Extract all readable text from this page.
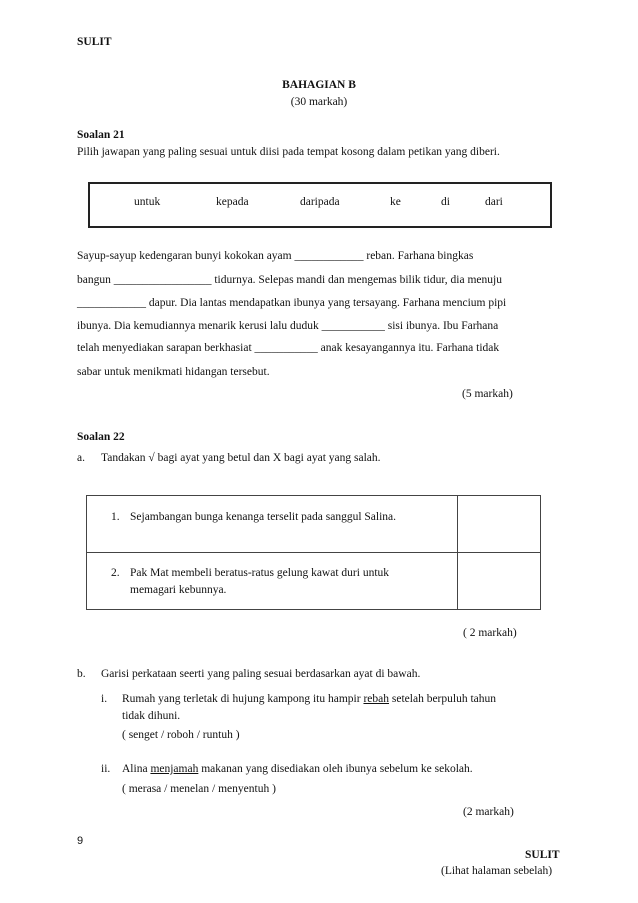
SULIT
BAHAGIAN B
(30 markah)
Soalan 21
Pilih jawapan yang paling sesuai untuk diisi pada tempat kosong dalam petikan yang diberi.
untuk	kepada	daripada	ke	di	dari
Sayup-sayup kedengaran bunyi kokokan ayam ____________ reban. Farhana bingkas
bangun _________________ tidurnya. Selepas mandi dan mengemas bilik tidur, dia menuju
____________ dapur. Dia lantas mendapatkan ibunya yang tersayang. Farhana mencium pipi
ibunya. Dia kemudiannya menarik kerusi lalu duduk ___________ sisi ibunya. Ibu Farhana
telah menyediakan sarapan berkhasiat ___________ anak kesayangannya itu. Farhana tidak
sabar untuk menikmati hidangan tersebut.
(5 markah)
Soalan 22
a. Tandakan √ bagi ayat yang betul dan X bagi ayat yang salah.
1. Sejambangan bunga kenanga terselit pada sanggul Salina.
2. Pak Mat membeli beratus-ratus gelung kawat duri untuk
memagari kebunnya.
( 2 markah)
b. Garisi perkataan seerti yang paling sesuai berdasarkan ayat di bawah.
i. Rumah yang terletak di hujung kampong itu hampir rebah setelah berpuluh tahun
tidak dihuni.
( senget / roboh / runtuh )
ii. Alina menjamah makanan yang disediakan oleh ibunya sebelum ke sekolah.
( merasa / menelan / menyentuh )
(2 markah)
9
SULIT
(Lihat halaman sebelah)
